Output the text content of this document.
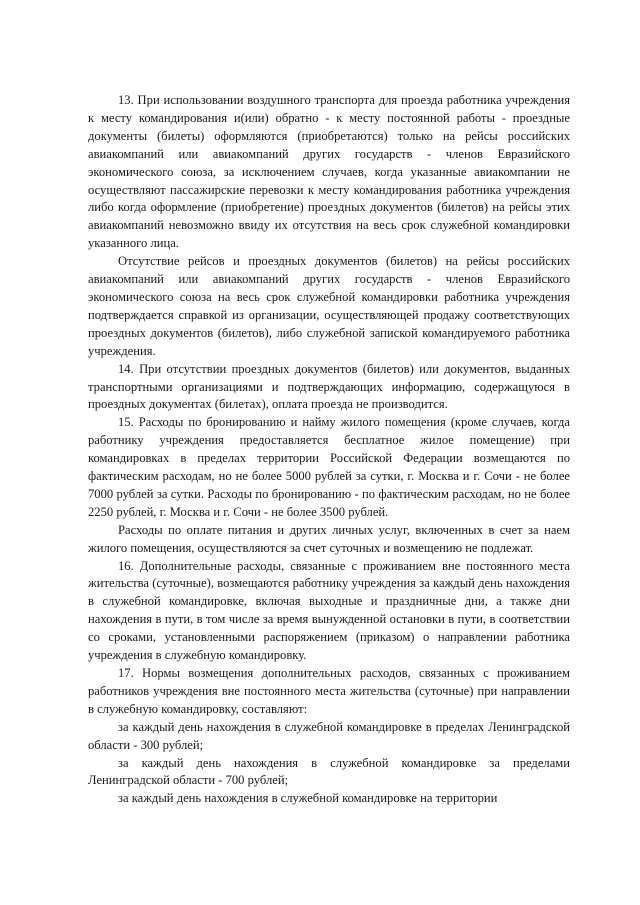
13. При использовании воздушного транспорта для проезда работника учреждения к месту командирования и(или) обратно - к месту постоянной работы - проездные документы (билеты) оформляются (приобретаются) только на рейсы российских авиакомпаний или авиакомпаний других государств - членов Евразийского экономического союза, за исключением случаев, когда указанные авиакомпании не осуществляют пассажирские перевозки к месту командирования работника учреждения либо когда оформление (приобретение) проездных документов (билетов) на рейсы этих авиакомпаний невозможно ввиду их отсутствия на весь срок служебной командировки указанного лица.

Отсутствие рейсов и проездных документов (билетов) на рейсы российских авиакомпаний или авиакомпаний других государств - членов Евразийского экономического союза на весь срок служебной командировки работника учреждения подтверждается справкой из организации, осуществляющей продажу соответствующих проездных документов (билетов), либо служебной запиской командируемого работника учреждения.

14. При отсутствии проездных документов (билетов) или документов, выданных транспортными организациями и подтверждающих информацию, содержащуюся в проездных документах (билетах), оплата проезда не производится.

15. Расходы по бронированию и найму жилого помещения (кроме случаев, когда работнику учреждения предоставляется бесплатное жилое помещение) при командировках в пределах территории Российской Федерации возмещаются по фактическим расходам, но не более 5000 рублей за сутки, г. Москва и г. Сочи - не более 7000 рублей за сутки. Расходы по бронированию - по фактическим расходам, но не более 2250 рублей, г. Москва и г. Сочи - не более 3500 рублей.

Расходы по оплате питания и других личных услуг, включенных в счет за наем жилого помещения, осуществляются за счет суточных и возмещению не подлежат.

16. Дополнительные расходы, связанные с проживанием вне постоянного места жительства (суточные), возмещаются работнику учреждения за каждый день нахождения в служебной командировке, включая выходные и праздничные дни, а также дни нахождения в пути, в том числе за время вынужденной остановки в пути, в соответствии со сроками, установленными распоряжением (приказом) о направлении работника учреждения в служебную командировку.

17. Нормы возмещения дополнительных расходов, связанных с проживанием работников учреждения вне постоянного места жительства (суточные) при направлении в служебную командировку, составляют:

за каждый день нахождения в служебной командировке в пределах Ленинградской области - 300 рублей;

за каждый день нахождения в служебной командировке за пределами Ленинградской области - 700 рублей;

за каждый день нахождения в служебной командировке на территории
